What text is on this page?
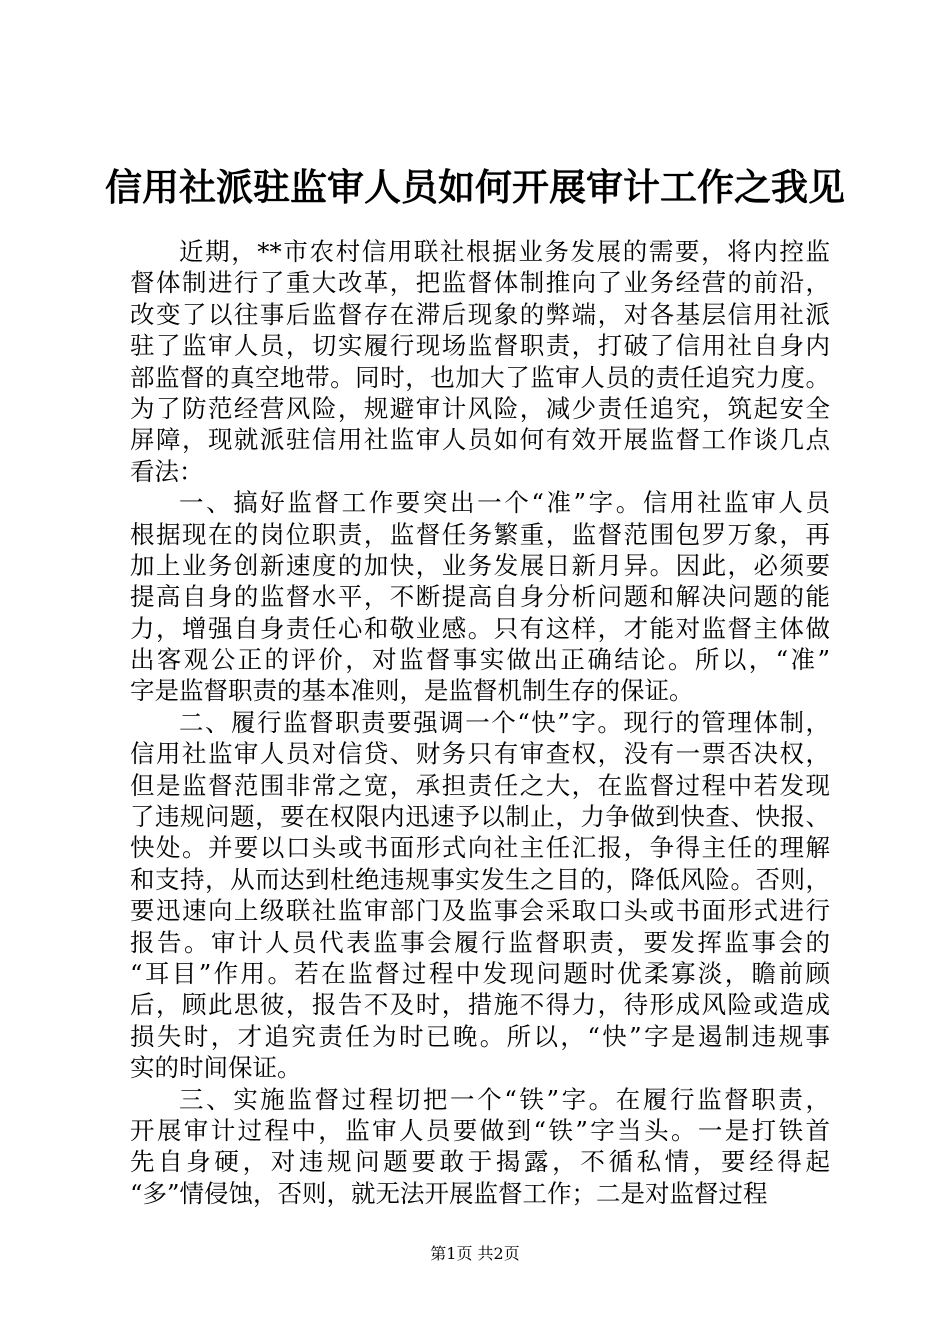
信用社派驻监审人员如何开展审计工作之我见
近期，**市农村信用联社根据业务发展的需要，将内控监
督体制进行了重大改革，把监督体制推向了业务经营的前沿，
改变了以往事后监督存在滞后现象的弊端，对各基层信用社派
驻了监审人员，切实履行现场监督职责，打破了信用社自身内
部监督的真空地带。同时，也加大了监审人员的责任追究力度。
为了防范经营风险，规避审计风险，减少责任追究，筑起安全
屏障，现就派驻信用社监审人员如何有效开展监督工作谈几点
看法：
一、搞好监督工作要突出一个“准”字。信用社监审人员
根据现在的岗位职责，监督任务繁重，监督范围包罗万象，再
加上业务创新速度的加快，业务发展日新月异。因此，必须要
提高自身的监督水平，不断提高自身分析问题和解决问题的能
力，增强自身责任心和敬业感。只有这样，才能对监督主体做
出客观公正的评价，对监督事实做出正确结论。所以，“准”
字是监督职责的基本准则，是监督机制生存的保证。
二、履行监督职责要强调一个“快”字。现行的管理体制，
信用社监审人员对信贷、财务只有审查权，没有一票否决权，
但是监督范围非常之宽，承担责任之大，在监督过程中若发现
了违规问题，要在权限内迅速予以制止，力争做到快查、快报、
快处。并要以口头或书面形式向社主任汇报，争得主任的理解
和支持，从而达到杜绝违规事实发生之目的，降低风险。否则，
要迅速向上级联社监审部门及监事会采取口头或书面形式进行
报告。审计人员代表监事会履行监督职责，要发挥监事会的
“耳目”作用。若在监督过程中发现问题时优柔寡淡，瞻前顾
后，顾此思彼，报告不及时，措施不得力，待形成风险或造成
损失时，才追究责任为时已晚。所以，“快”字是遏制违规事
实的时间保证。
三、实施监督过程切把一个“铁”字。在履行监督职责，
开展审计过程中，监审人员要做到“铁”字当头。一是打铁首
先自身硬，对违规问题要敢于揭露，不循私情，要经得起
“多”情侵蚀，否则，就无法开展监督工作；二是对监督过程
第1页 共2页
